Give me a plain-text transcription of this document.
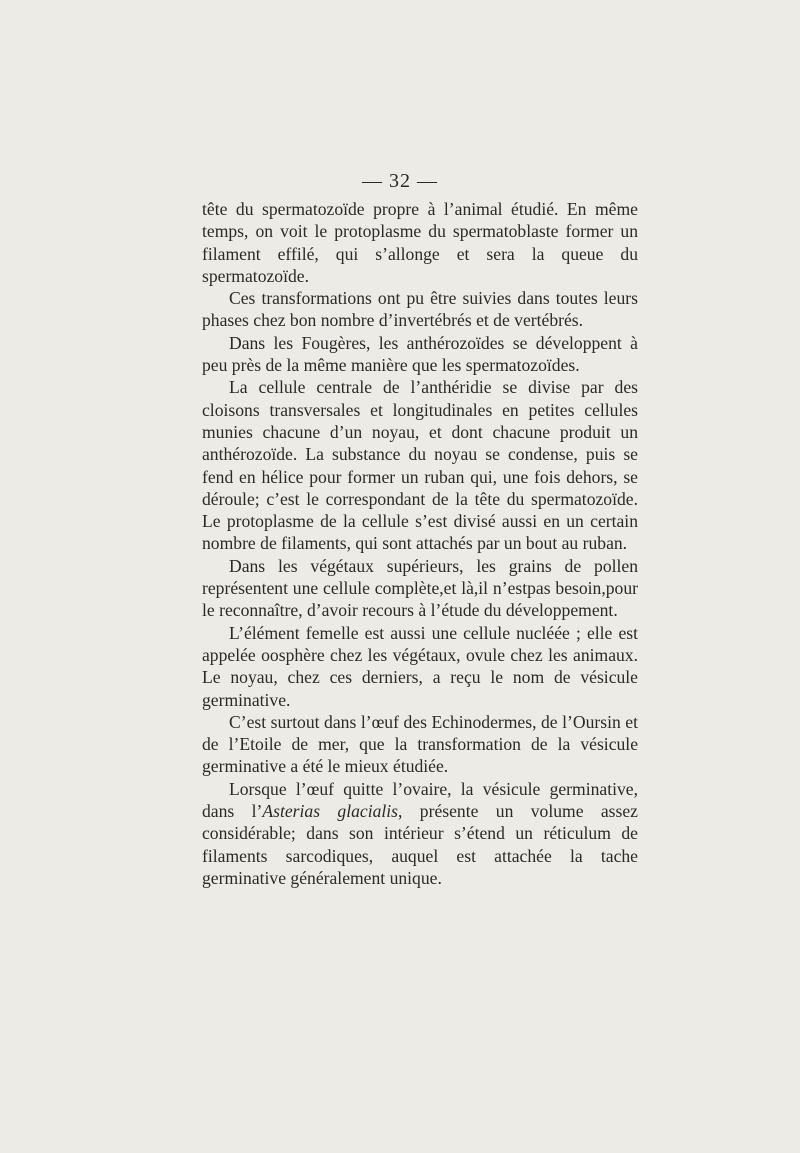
— 32 —

tête du spermatozoïde propre à l’animal étudié. En même temps, on voit le protoplasme du spermatoblaste former un filament effilé, qui s’allonge et sera la queue du spermatozoïde.

Ces transformations ont pu être suivies dans toutes leurs phases chez bon nombre d’invertébrés et de vertébrés.

Dans les Fougères, les anthérozoïdes se développent à peu près de la même manière que les spermatozoïdes.

La cellule centrale de l’anthéridie se divise par des cloisons transversales et longitudinales en petites cellules munies chacune d’un noyau, et dont chacune produit un anthérozoïde. La substance du noyau se condense, puis se fend en hélice pour former un ruban qui, une fois dehors, se déroule; c’est le correspondant de la tête du spermatozoïde. Le protoplasme de la cellule s’est divisé aussi en un certain nombre de filaments, qui sont attachés par un bout au ruban.

Dans les végétaux supérieurs, les grains de pollen représentent une cellule complète,et là,il n’estpas besoin,pour le reconnaître, d’avoir recours à l’étude du développement.

L’élément femelle est aussi une cellule nucléée ; elle est appelée oosphère chez les végétaux, ovule chez les animaux. Le noyau, chez ces derniers, a reçu le nom de vésicule germinative.

C’est surtout dans l’œuf des Echinodermes, de l’Oursin et de l’Etoile de mer, que la transformation de la vésicule germinative a été le mieux étudiée.

Lorsque l’œuf quitte l’ovaire, la vésicule germinative, dans l’Asterias glacialis, présente un volume assez considérable; dans son intérieur s’étend un réticulum de filaments sarcodiques, auquel est attachée la tache germinative généralement unique.
